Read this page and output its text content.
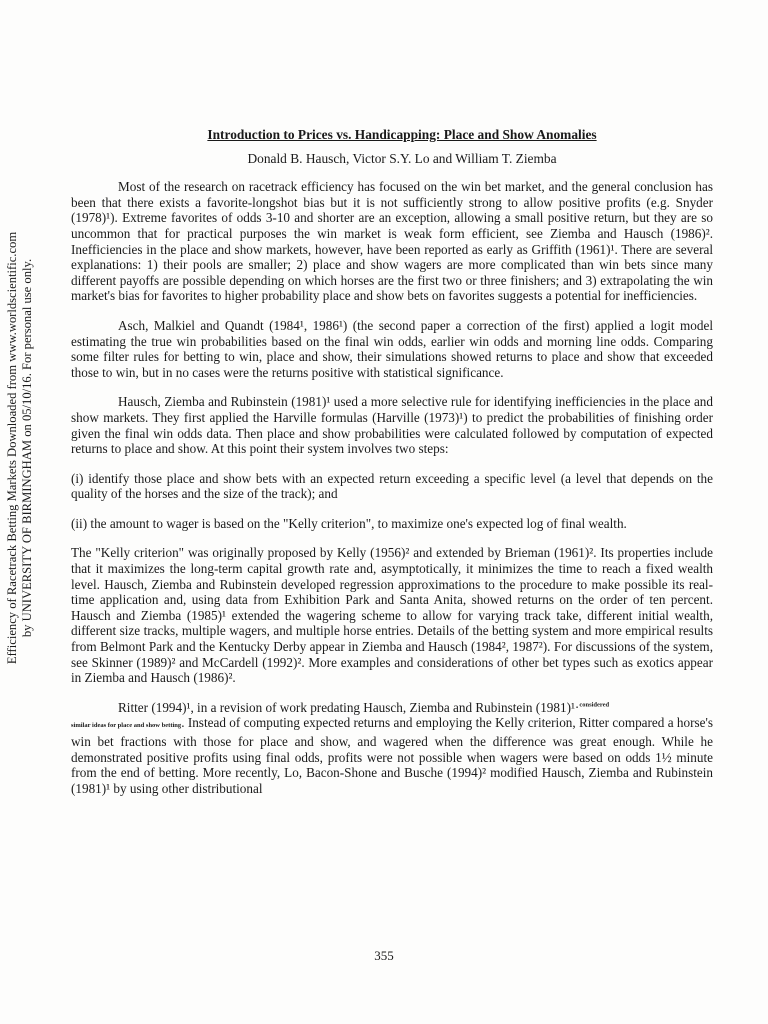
Efficiency of Racetrack Betting Markets Downloaded from www.worldscientific.com by UNIVERSITY OF BIRMINGHAM on 05/10/16. For personal use only.
Introduction to Prices vs. Handicapping: Place and Show Anomalies
Donald B. Hausch, Victor S.Y. Lo and William T. Ziemba

Most of the research on racetrack efficiency has focused on the win bet market, and the general conclusion has been that there exists a favorite-longshot bias but it is not sufficiently strong to allow positive profits (e.g. Snyder (1978)¹). Extreme favorites of odds 3-10 and shorter are an exception, allowing a small positive return, but they are so uncommon that for practical purposes the win market is weak form efficient, see Ziemba and Hausch (1986)². Inefficiencies in the place and show markets, however, have been reported as early as Griffith (1961)¹. There are several explanations: 1) their pools are smaller; 2) place and show wagers are more complicated than win bets since many different payoffs are possible depending on which horses are the first two or three finishers; and 3) extrapolating the win market's bias for favorites to higher probability place and show bets on favorites suggests a potential for inefficiencies.

Asch, Malkiel and Quandt (1984¹, 1986¹) (the second paper a correction of the first) applied a logit model estimating the true win probabilities based on the final win odds, earlier win odds and morning line odds. Comparing some filter rules for betting to win, place and show, their simulations showed returns to place and show that exceeded those to win, but in no cases were the returns positive with statistical significance.

Hausch, Ziemba and Rubinstein (1981)¹ used a more selective rule for identifying inefficiencies in the place and show markets. They first applied the Harville formulas (Harville (1973)¹) to predict the probabilities of finishing order given the final win odds data. Then place and show probabilities were calculated followed by computation of expected returns to place and show. At this point their system involves two steps:

(i) identify those place and show bets with an expected return exceeding a specific level (a level that depends on the quality of the horses and the size of the track); and

(ii) the amount to wager is based on the "Kelly criterion", to maximize one's expected log of final wealth.

The "Kelly criterion" was originally proposed by Kelly (1956)² and extended by Brieman (1961)². Its properties include that it maximizes the long-term capital growth rate and, asymptotically, it minimizes the time to reach a fixed wealth level. Hausch, Ziemba and Rubinstein developed regression approximations to the procedure to make possible its real-time application and, using data from Exhibition Park and Santa Anita, showed returns on the order of ten percent. Hausch and Ziemba (1985)¹ extended the wagering scheme to allow for varying track take, different initial wealth, different size tracks, multiple wagers, and multiple horse entries. Details of the betting system and more empirical results from Belmont Park and the Kentucky Derby appear in Ziemba and Hausch (1984², 1987²). For discussions of the system, see Skinner (1989)² and McCardell (1992)². More examples and considerations of other bet types such as exotics appear in Ziemba and Hausch (1986)².

Ritter (1994)¹, in a revision of work predating Hausch, Ziemba and Rubinstein (1981)¹·$^{considered}$
similar ideas for place and show betting. Instead of computing expected returns and employing the Kelly criterion, Ritter compared a horse's win bet fractions with those for place and show, and wagered when the difference was great enough. While he demonstrated positive profits using final odds, profits were not possible when wagers were based on odds 1½ minute from the end of betting. More recently, Lo, Bacon-Shone and Busche (1994)² modified Hausch, Ziemba and Rubinstein (1981)¹ by using other distributional

355
